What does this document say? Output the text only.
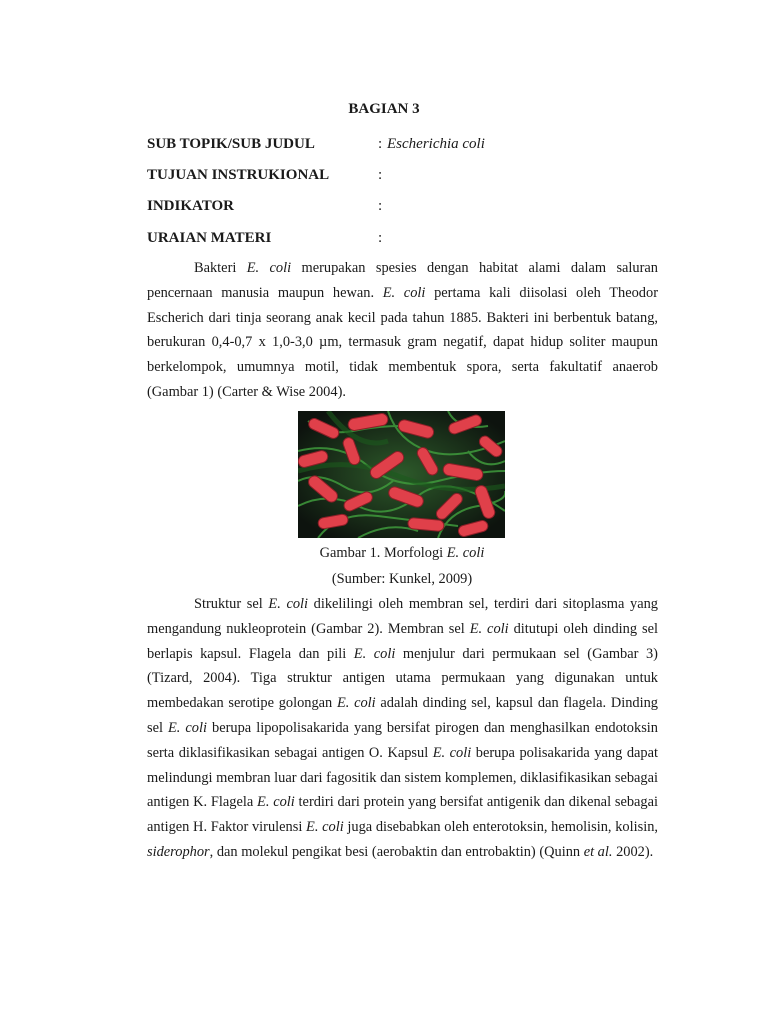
BAGIAN 3
SUB TOPIK/SUB JUDUL	: Escherichia coli
TUJUAN INSTRUKIONAL	:
INDIKATOR	:
URAIAN MATERI	:

Bakteri E. coli merupakan spesies dengan habitat alami dalam saluran pencernaan manusia maupun hewan. E. coli pertama kali diisolasi oleh Theodor Escherich dari tinja seorang anak kecil pada tahun 1885. Bakteri ini berbentuk batang, berukuran 0,4-0,7 x 1,0-3,0 µm, termasuk gram negatif, dapat hidup soliter maupun berkelompok, umumnya motil, tidak membentuk spora, serta fakultatif anaerob (Gambar 1) (Carter & Wise 2004).

Gambar 1. Morfologi E. coli
(Sumber: Kunkel, 2009)

Struktur sel E. coli dikelilingi oleh membran sel, terdiri dari sitoplasma yang mengandung nukleoprotein (Gambar 2). Membran sel E. coli ditutupi oleh dinding sel berlapis kapsul. Flagela dan pili E. coli menjulur dari permukaan sel (Gambar 3) (Tizard, 2004). Tiga struktur antigen utama permukaan yang digunakan untuk membedakan serotipe golongan E. coli adalah dinding sel, kapsul dan flagela. Dinding sel E. coli berupa lipopolisakarida yang bersifat pirogen dan menghasilkan endotoksin serta diklasifikasikan sebagai antigen O. Kapsul E. coli berupa polisakarida yang dapat melindungi membran luar dari fagositik dan sistem komplemen, diklasifikasikan sebagai antigen K. Flagela E. coli terdiri dari protein yang bersifat antigenik dan dikenal sebagai antigen H. Faktor virulensi E. coli juga disebabkan oleh enterotoksin, hemolisin, kolisin, siderophor, dan molekul pengikat besi (aerobaktin dan entrobaktin) (Quinn et al. 2002).
